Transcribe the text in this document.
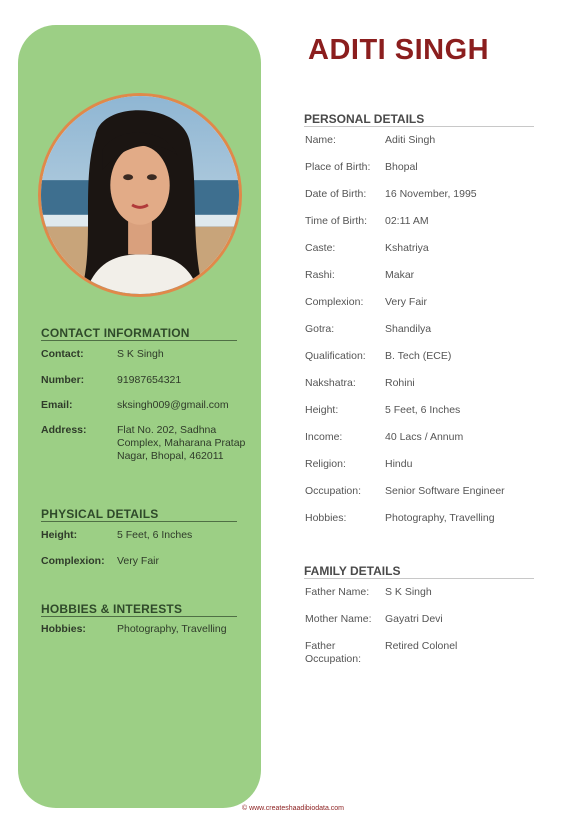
CONTACT INFORMATION
Contact:	S K Singh
Number:	91987654321
Email:	sksingh009@gmail.com
Address:	Flat No. 202, Sadhna
Complex, Maharana Pratap
Nagar, Bhopal, 462011
PHYSICAL DETAILS
Height:	5 Feet, 6 Inches
Complexion: Very Fair
HOBBIES & INTERESTS
Hobbies:	Photography, Travelling
ADITI SINGH
PERSONAL DETAILS
Name:	Aditi Singh
Place of Birth: Bhopal
Date of Birth: 16 November, 1995
Time of Birth: 02:11 AM
Caste:	Kshatriya
Rashi:	Makar
Complexion: Very Fair
Gotra:	Shandilya
Qualification: B. Tech (ECE)
Nakshatra:	Rohini
Height:	5 Feet, 6 Inches
Income:	40 Lacs / Annum
Religion:	Hindu
Occupation: Senior Software Engineer
Hobbies:	Photography, Travelling
FAMILY DETAILS
Father Name: S K Singh
Mother Name: Gayatri Devi
Father
Occupation:
Retired Colonel
© www.createshaadibiodata.com
